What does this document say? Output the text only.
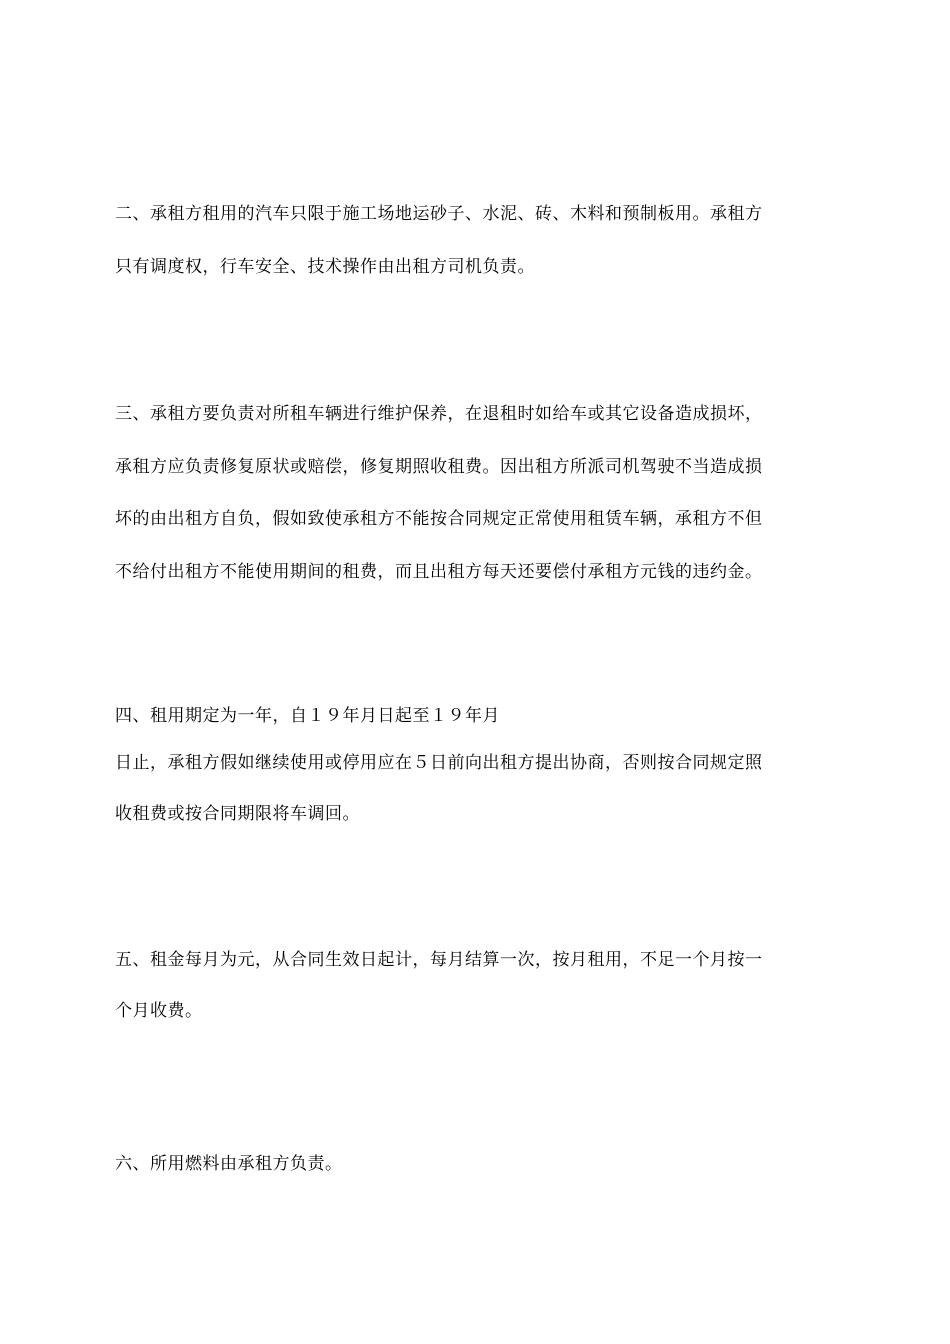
二、承租方租用的汽车只限于施工场地运砂子、水泥、砖、木料和预制板用。承租方
只有调度权，行车安全、技术操作由出租方司机负责。
三、承租方要负责对所租车辆进行维护保养，在退租时如给车或其它设备造成损坏，
承租方应负责修复原状或赔偿，修复期照收租费。因出租方所派司机驾驶不当造成损
坏的由出租方自负，假如致使承租方不能按合同规定正常使用租赁车辆，承租方不但
不给付出租方不能使用期间的租费，而且出租方每天还要偿付承租方元钱的违约金。
四、租用期定为一年，自１９年月日起至１９年月
日止，承租方假如继续使用或停用应在５日前向出租方提出协商，否则按合同规定照
收租费或按合同期限将车调回。
五、租金每月为元，从合同生效日起计，每月结算一次，按月租用，不足一个月按一
个月收费。
六、所用燃料由承租方负责。
